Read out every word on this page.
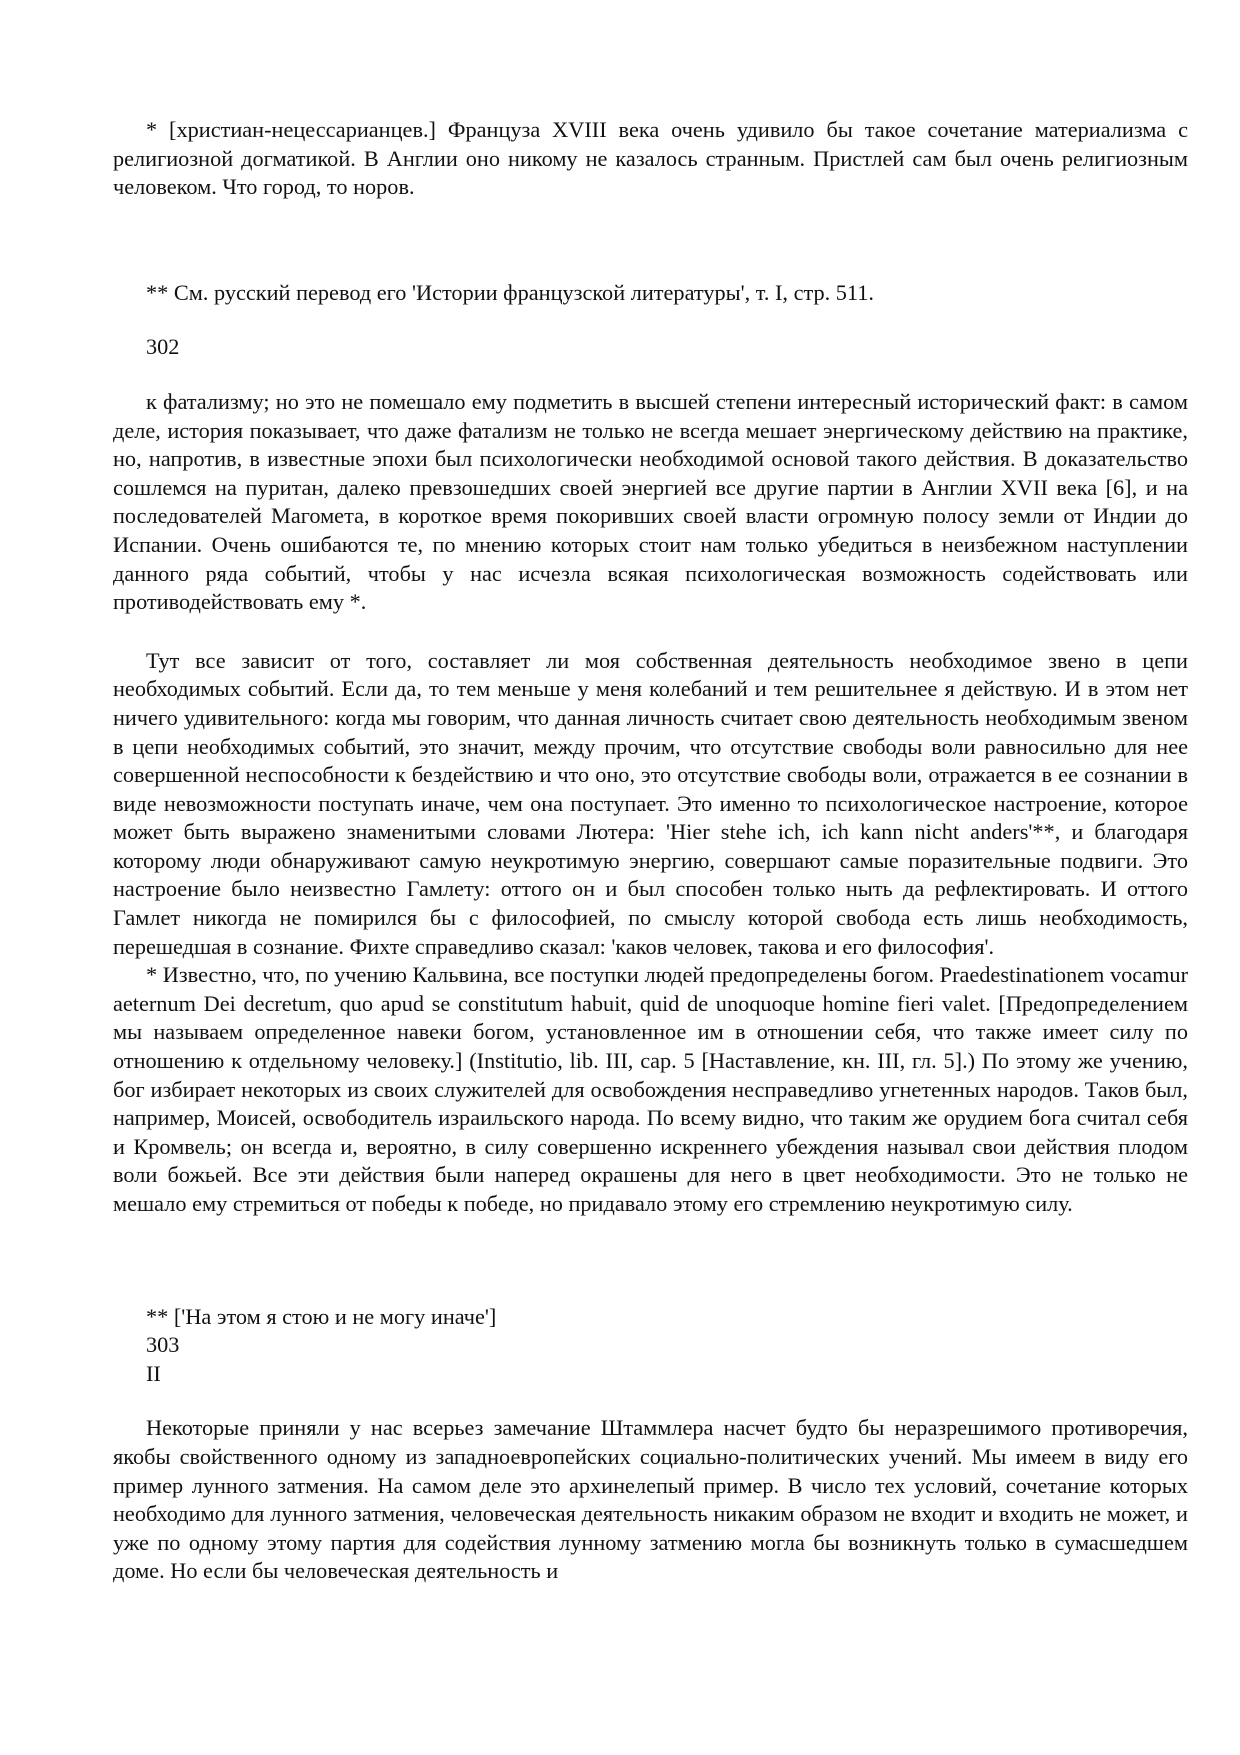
* [христиан-нецессарианцев.] Француза XVIII века очень удивило бы такое сочетание материализма с религиозной догматикой. В Англии оно никому не казалось странным. Пристлей сам был очень религиозным человеком. Что город, то норов.

** См. русский перевод его 'Истории французской литературы', т. I, стр. 511.

302

к фатализму; но это не помешало ему подметить в высшей степени интересный исторический факт: в самом деле, история показывает, что даже фатализм не только не всегда мешает энергическому действию на практике, но, напротив, в известные эпохи был психологически необходимой основой такого действия. В доказательство сошлемся на пуритан, далеко превзошедших своей энергией все другие партии в Англии XVII века [6], и на последователей Магомета, в короткое время покоривших своей власти огромную полосу земли от Индии до Испании. Очень ошибаются те, по мнению которых стоит нам только убедиться в неизбежном наступлении данного ряда событий, чтобы у нас исчезла всякая психологическая возможность содействовать или противодействовать ему *.

Тут все зависит от того, составляет ли моя собственная деятельность необходимое звено в цепи необходимых событий. Если да, то тем меньше у меня колебаний и тем решительнее я действую. И в этом нет ничего удивительного: когда мы говорим, что данная личность считает свою деятельность необходимым звеном в цепи необходимых событий, это значит, между прочим, что отсутствие свободы воли равносильно для нее совершенной неспособности к бездействию и что оно, это отсутствие свободы воли, отражается в ее сознании в виде невозможности поступать иначе, чем она поступает. Это именно то психологическое настроение, которое может быть выражено знаменитыми словами Лютера: 'Hier stehe ich, ich kann nicht anders'**, и благодаря которому люди обнаруживают самую неукротимую энергию, совершают самые поразительные подвиги. Это настроение было неизвестно Гамлету: оттого он и был способен только ныть да рефлектировать. И оттого Гамлет никогда не помирился бы с философией, по смыслу которой свобода есть лишь необходимость, перешедшая в сознание. Фихте справедливо сказал: 'каков человек, такова и его философия'.

* Известно, что, по учению Кальвина, все поступки людей предопределены богом. Praedestinationem vocamur aeternum Dei decretum, quo apud se constitutum habuit, quid de unoquoque homine fieri valet. [Предопределением мы называем определенное навеки богом, установленное им в отношении себя, что также имеет силу по отношению к отдельному человеку.] (Institutio, lib. III, cap. 5 [Наставление, кн. III, гл. 5].) По этому же учению, бог избирает некоторых из своих служителей для освобождения несправедливо угнетенных народов. Таков был, например, Моисей, освободитель израильского народа. По всему видно, что таким же орудием бога считал себя и Кромвель; он всегда и, вероятно, в силу совершенно искреннего убеждения называл свои действия плодом воли божьей. Все эти действия были наперед окрашены для него в цвет необходимости. Это не только не мешало ему стремиться от победы к победе, но придавало этому его стремлению неукротимую силу.

** ['На этом я стою и не могу иначе']

303

II

Некоторые приняли у нас всерьез замечание Штаммлера насчет будто бы неразрешимого противоречия, якобы свойственного одному из западноевропейских социально-политических учений. Мы имеем в виду его пример лунного затмения. На самом деле это архинелепый пример. В число тех условий, сочетание которых необходимо для лунного затмения, человеческая деятельность никаким образом не входит и входить не может, и уже по одному этому партия для содействия лунному затмению могла бы возникнуть только в сумасшедшем доме. Но если бы человеческая деятельность и
